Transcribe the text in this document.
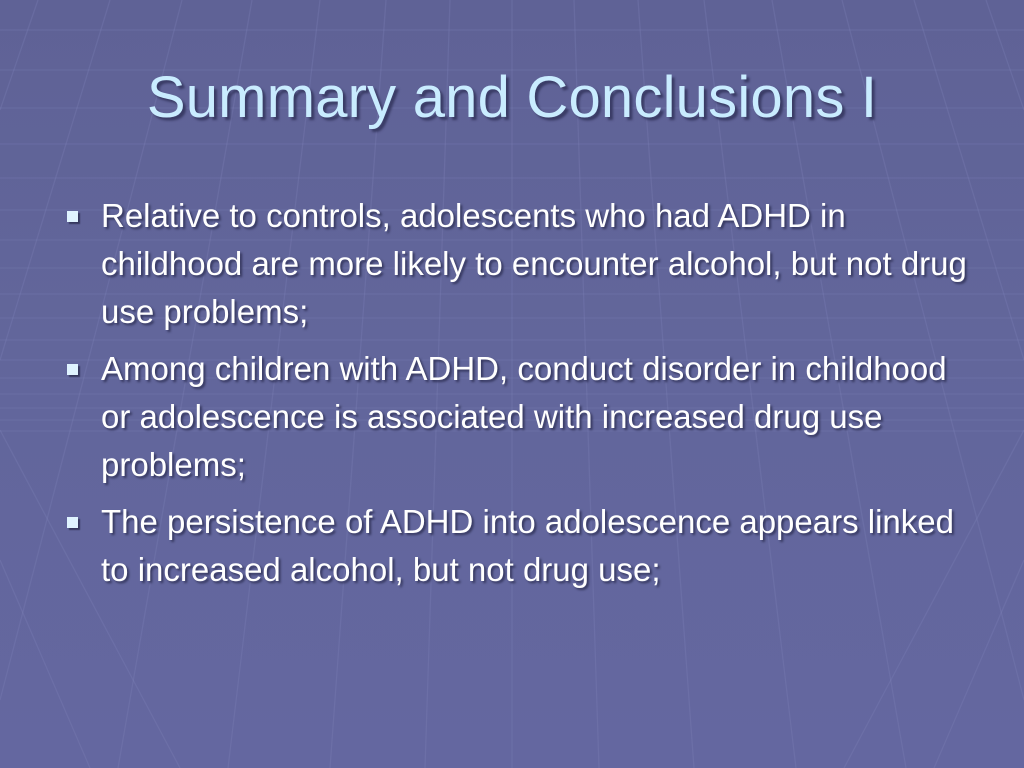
Summary and Conclusions I
Relative to controls, adolescents who had ADHD in childhood are more likely to encounter alcohol, but not drug use problems;
Among children with ADHD, conduct disorder in childhood or adolescence is associated with increased drug use problems;
The persistence of ADHD into adolescence appears linked to increased alcohol, but not drug use;
